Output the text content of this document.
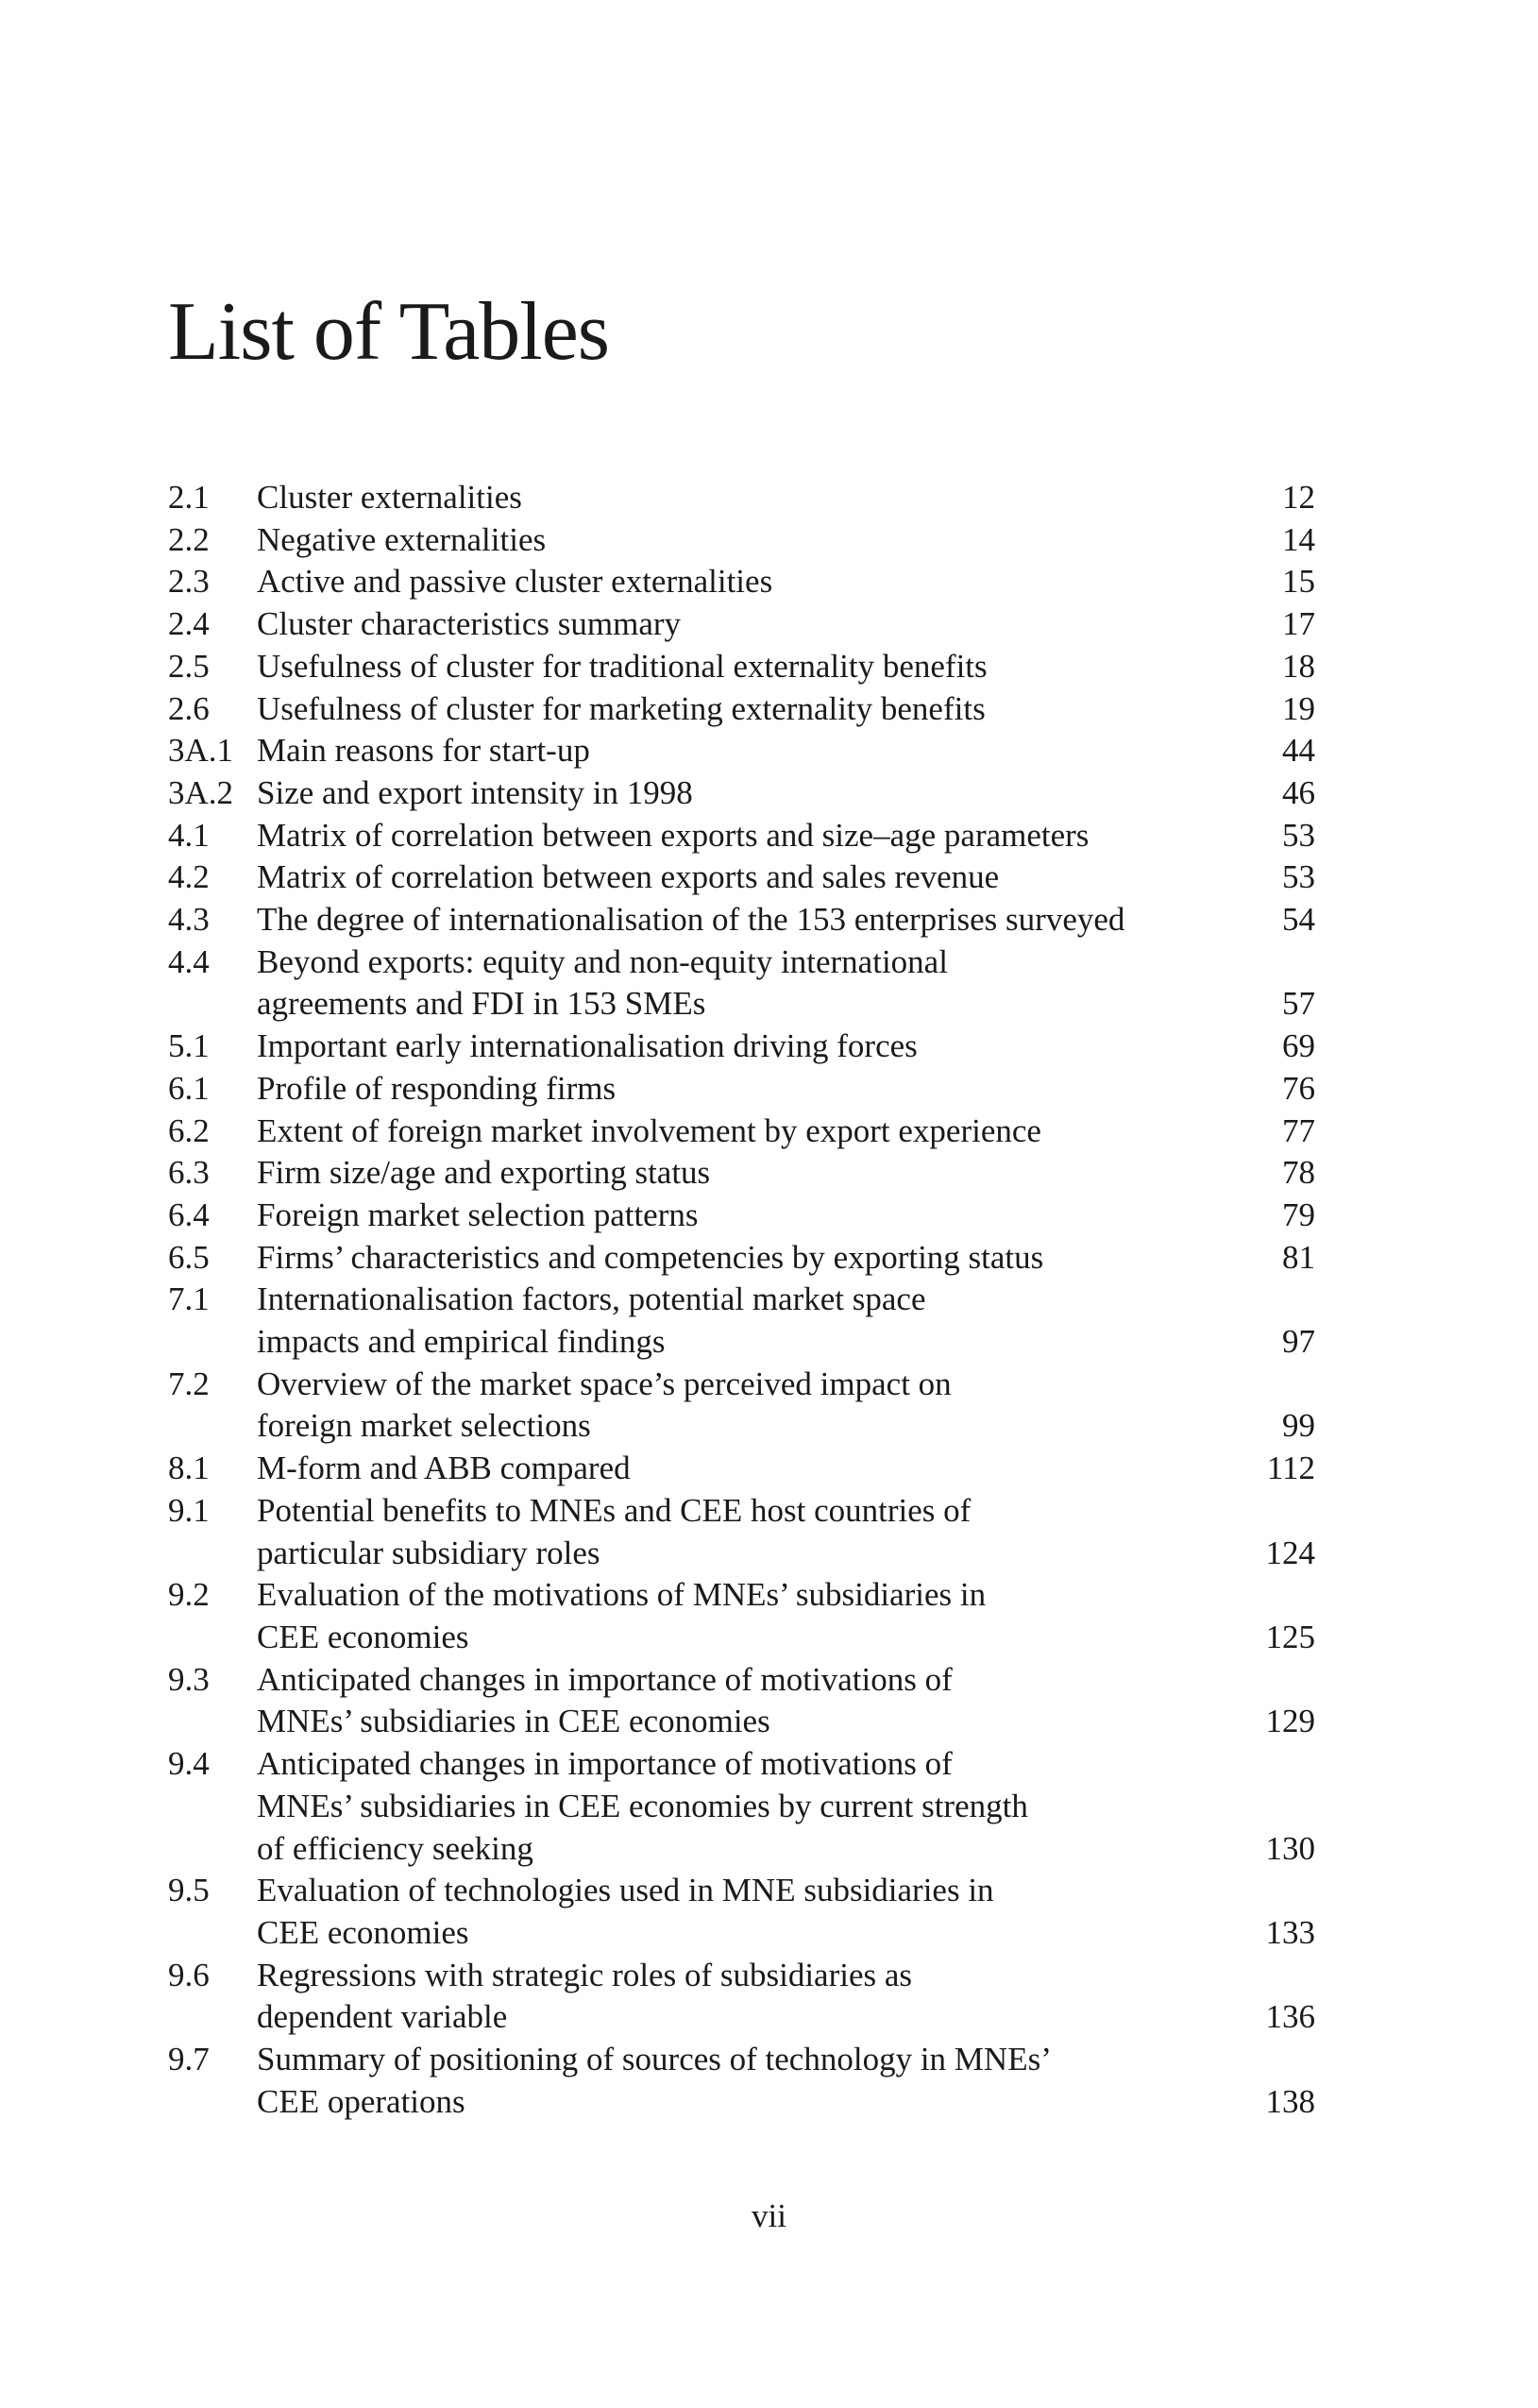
List of Tables
2.1	Cluster externalities	12
2.2	Negative externalities	14
2.3	Active and passive cluster externalities	15
2.4	Cluster characteristics summary	17
2.5	Usefulness of cluster for traditional externality benefits	18
2.6	Usefulness of cluster for marketing externality benefits	19
3A.1 Main reasons for start-up	44
3A.2 Size and export intensity in 1998	46
4.1	Matrix of correlation between exports and size–age parameters	53
4.2	Matrix of correlation between exports and sales revenue	53
4.3	The degree of internationalisation of the 153 enterprises surveyed	54
4.4	Beyond exports: equity and non-equity international
agreements and FDI in 153 SMEs	57
5.1	Important early internationalisation driving forces	69
6.1	Profile of responding firms	76
6.2	Extent of foreign market involvement by export experience	77
6.3	Firm size/age and exporting status	78
6.4	Foreign market selection patterns	79
6.5	Firms’ characteristics and competencies by exporting status	81
7.1	Internationalisation factors, potential market space
impacts and empirical findings	97
7.2	Overview of the market space’s perceived impact on
foreign market selections	99
8.1	M-form and ABB compared	112
9.1	Potential benefits to MNEs and CEE host countries of
particular subsidiary roles	124
9.2	Evaluation of the motivations of MNEs’ subsidiaries in
CEE economies	125
9.3	Anticipated changes in importance of motivations of
MNEs’ subsidiaries in CEE economies	129
9.4	Anticipated changes in importance of motivations of
MNEs’ subsidiaries in CEE economies by current strength
of efficiency seeking	130
9.5	Evaluation of technologies used in MNE subsidiaries in
CEE economies	133
9.6	Regressions with strategic roles of subsidiaries as
dependent variable	136
9.7	Summary of positioning of sources of technology in MNEs’
CEE operations	138
vii
